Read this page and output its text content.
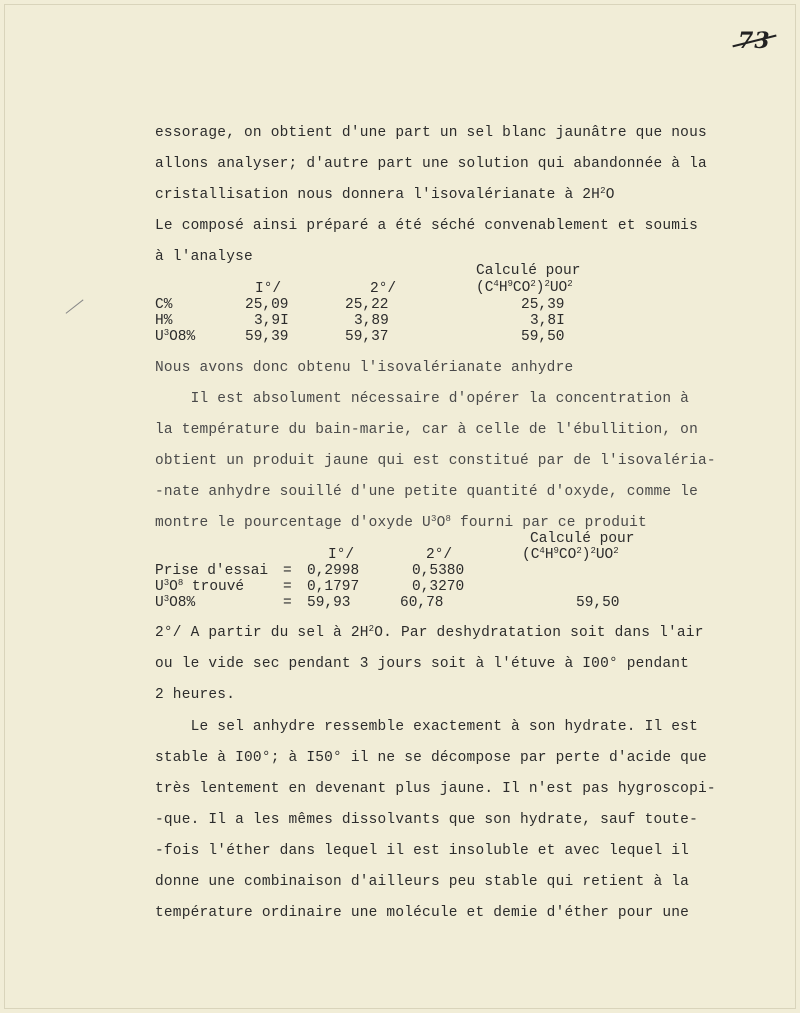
73
essorage, on obtient d'une part un sel blanc jaunâtre que nous
allons analyser; d'autre part une solution qui abandonnée à la
cristallisation nous donnera l'isovalérianate à $2H^2O$
Le composé ainsi préparé a été séché convenablement et soumis
à l'analyse
I°/	2°/
Calculé pour
$(C^4H^9CO^2)^2UO^2$
C%	25,09	25,22	25,39
H%	3,9I	3,89	3,8I
$U^3O8\%$	59,39	59,37	59,50
Nous avons donc obtenu l'isovalérianate anhydre
Il est absolument nécessaire d'opérer la concentration à
la température du bain-marie, car à celle de l'ébullition, on
obtient un produit jaune qui est constitué par de l'isovaléria-
-nate anhydre souillé d'une petite quantité d'oxyde, comme le
montre le pourcentage d'oxyde $U^3O^8$ fourni par ce produit
Calculé pour
I°/	2°/	$(C^4H^9CO^2)^2UO^2$
Prise d'essai = 0,2998	0,5380
$U^3O^8$ trouvé	= 0,1797	0,3270
$U^3O8\%$	= 59,93	60,78	59,50
2°/ A partir du sel à $2H^2O$. Par deshydratation soit dans l'air
ou le vide sec pendant 3 jours soit à l'étuve à I00° pendant
2 heures.
Le sel anhydre ressemble exactement à son hydrate. Il est
stable à I00°; à I50° il ne se décompose par perte d'acide que
très lentement en devenant plus jaune. Il n'est pas hygroscopi-
-que. Il a les mêmes dissolvants que son hydrate, sauf toute-
-fois l'éther dans lequel il est insoluble et avec lequel il
donne une combinaison d'ailleurs peu stable qui retient à la
température ordinaire une molécule et demie d'éther pour une
